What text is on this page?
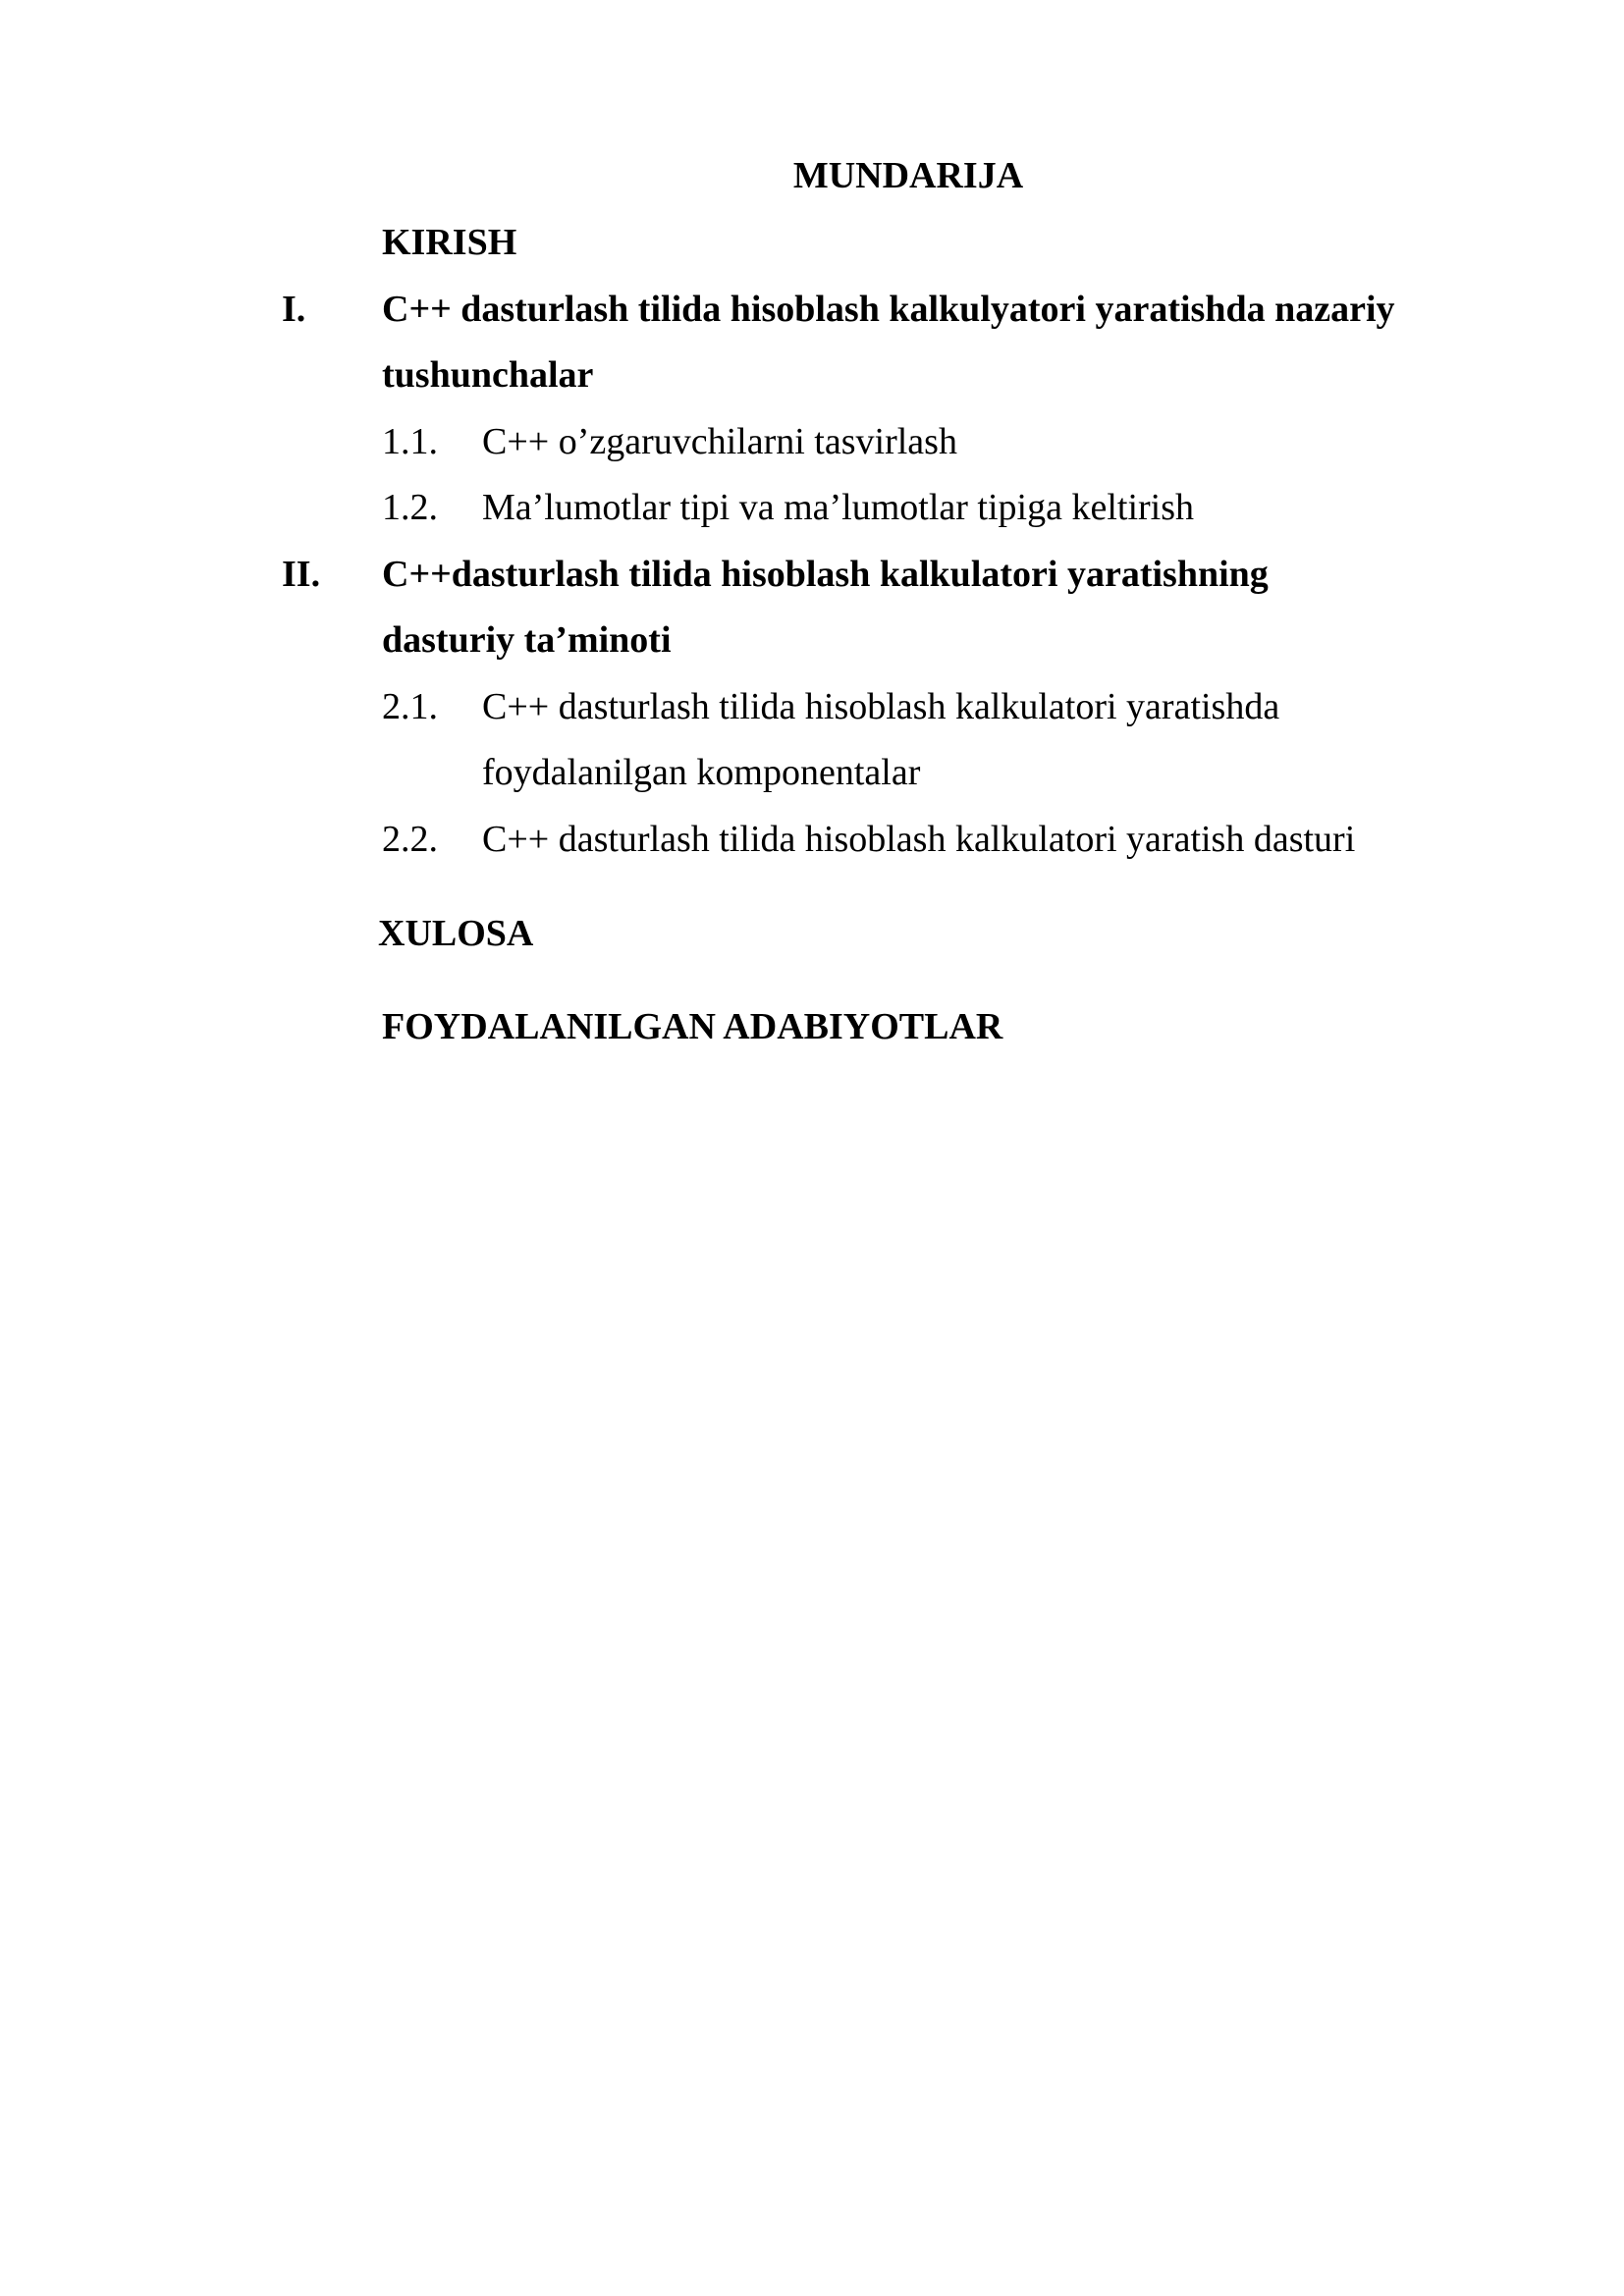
MUNDARIJA
KIRISH
I. C++ dasturlash tilida hisoblash kalkulyatori yaratishda nazariy
tushunchalar
1.1. C++ o’zgaruvchilarni tasvirlash
1.2. Ma’lumotlar tipi va ma’lumotlar tipiga keltirish
II. C++dasturlash tilida hisoblash kalkulatori yaratishning
dasturiy ta’minoti
2.1. C++ dasturlash tilida hisoblash kalkulatori yaratishda
foydalanilgan komponentalar
2.2. C++ dasturlash tilida hisoblash kalkulatori yaratish dasturi
XULOSA
FOYDALANILGAN ADABIYOTLAR
